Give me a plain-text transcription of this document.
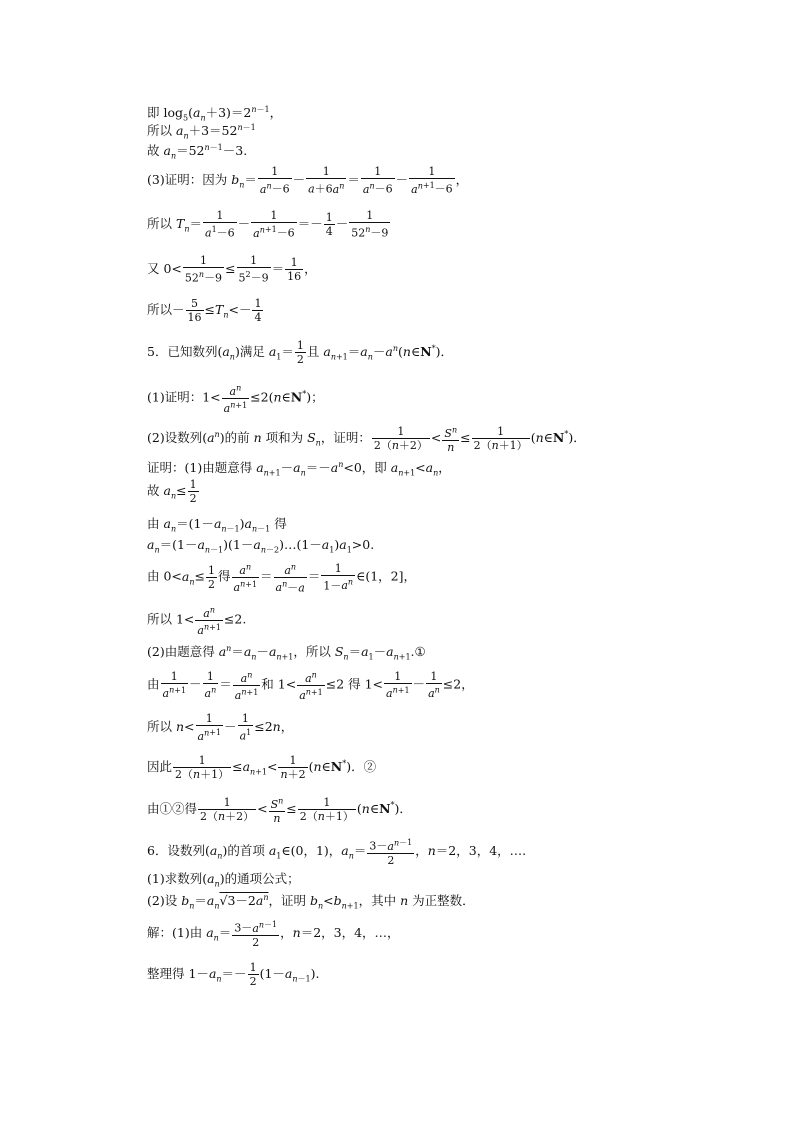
即 $\log_5(a_n+3)=2^{n-1}$，
所以 $a_n+3=52^{n-1}$
故 $a_n=52^{n-1}-3$.
(3)证明：因为 $b_n= \frac{1}{a^n-6} - \frac{1}{a+6a^n} = \frac{1}{a^n-6} - \frac{1}{a^{n+1}-6}$ ，
所以 $T_n= \frac{1}{a^1-6} - \frac{1}{a^{n+1}-6} =- \frac{1}{4} - \frac{1}{52^n-9}$
又 $0< \frac{1}{52^n-9} \le \frac{1}{5^2-9} = \frac{1}{16}$ ，
所以－ $\frac{5}{16} \le T_n<- \frac{1}{4}$
5．已知数列$(a_n)$满足 $a_1= \frac{1}{2}$ 且 $a_{n+1}=a_n-a^n(n\in N^*)$．
(1)证明：$1< \frac{a^n}{a^{n+1}}$ ≤2(n∈N*)；
(2)设数列$(a^n)$的前 n 项和为 $S_n$，证明： $\frac{1}{2(n+2)} < \frac{S^n}{n} \le \frac{1}{2(n+1)}$ (n∈N*)．
证明：(1)由题意得 $a_{n+1}-a_n=-a^n<0$，即 $a_{n+1}<a_n$，
故 $a_n\le \frac{1}{2}$
由 $a_n=(1-a_{n-1})a_{n-1}$ 得
$a_n=(1-a_{n-1})(1-a_{n-2})\dots(1-a_1)a_1>0$.
由 $0<a_n\le \frac{1}{2}$ 得 $\frac{a^n}{a^{n+1}} = \frac{a^n}{a^n-a} = \frac{1}{1-a^n}$ ∈(1，2]，
所以 $1< \frac{a^n}{a^{n+1}} \le 2$.
(2)由题意得 $a^n=a_n-a_{n+1}$，所以 $S_n=a_1-a_{n+1}.①$
由 $\frac{1}{a^{n+1}} - \frac{1}{a^n} = \frac{a^n}{a^{n+1}}$ 和 $1< \frac{a^n}{a^{n+1}} \le 2$ 得 $1< \frac{1}{a^{n+1}} - \frac{1}{a^n} \le 2$，
所以 $n< \frac{1}{a^{n+1}} - \frac{1}{a^1} \le 2n$，
因此 $\frac{1}{2(n+1)} \le a_{n+1}< \frac{1}{n+2}$ (n∈N*)．②
由①②得 $\frac{1}{2(n+2)} < \frac{S^n}{n} \le \frac{1}{2(n+1)}$ (n∈N*)．
6．设数列$(a_n)$的首项 $a_1\in(0$，1)，$a_n= \frac{3-a^{n-1}}{2}$ ，n＝2，3，4，….
(1)求数列$(a_n)$的通项公式；
(2)设 $b_n=a_n√3-2a^n$，证明 $b_n<b_{n+1}$，其中 n 为正整数．
解：(1)由 $a_n= \frac{3-a^{n-1}}{2}$ ，n＝2，3，4，…，
整理得 $1-a_n=- \frac{1}{2} (1-a_{n-1})$.
